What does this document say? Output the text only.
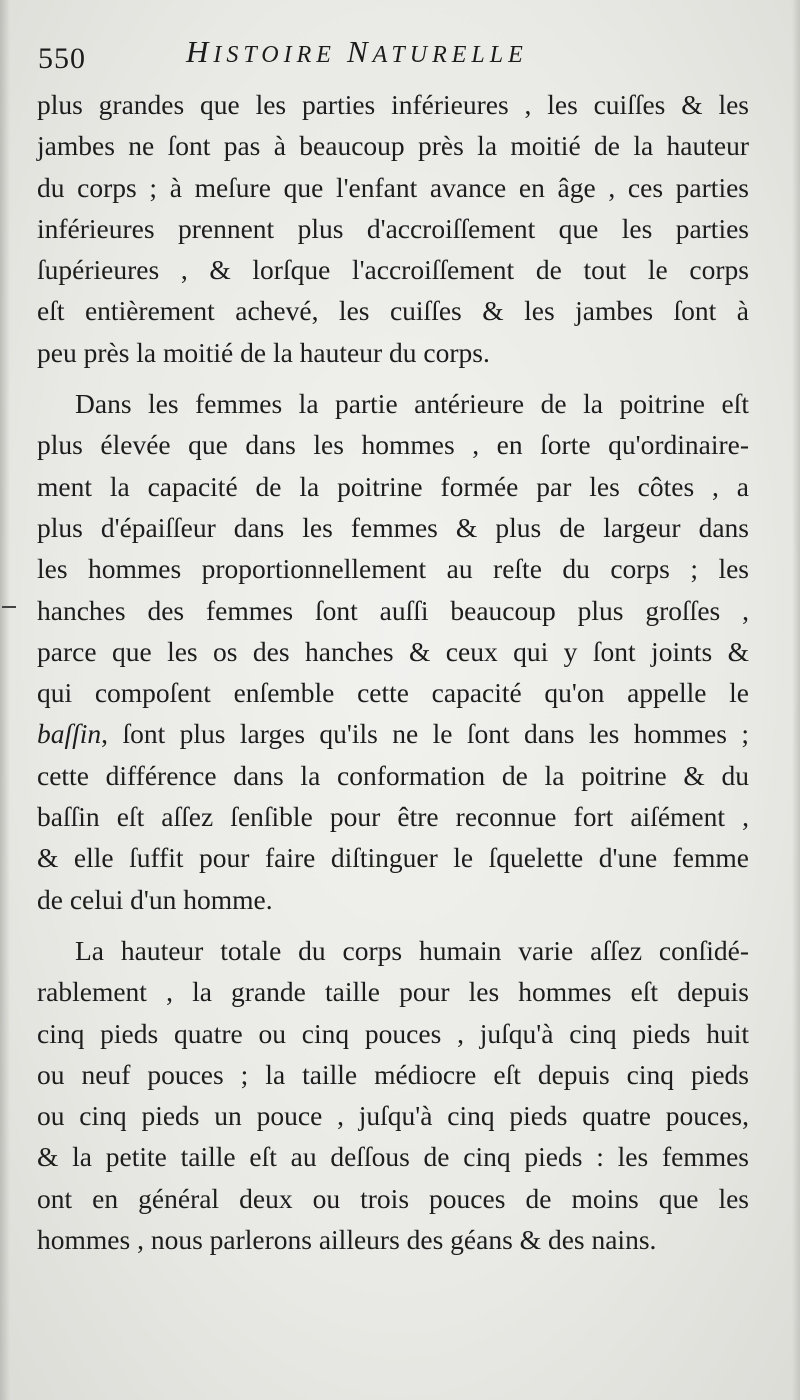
550	HISTOIRE NATURELLE
plus grandes que les parties inférieures , les cuiſſes & les
jambes ne ſont pas à beaucoup près la moitié de la hauteur
du corps ; à meſure que l'enfant avance en âge , ces parties
inférieures prennent plus d'accroiſſement que les parties
ſupérieures , & lorſque l'accroiſſement de tout le corps
eſt entièrement achevé, les cuiſſes & les jambes ſont à
peu près la moitié de la hauteur du corps.
Dans les femmes la partie antérieure de la poitrine eſt
plus élevée que dans les hommes , en ſorte qu'ordinaire-
ment la capacité de la poitrine formée par les côtes , a
plus d'épaiſſeur dans les femmes & plus de largeur dans
les hommes proportionnellement au reſte du corps ; les
hanches des femmes ſont auſſi beaucoup plus groſſes ,
parce que les os des hanches & ceux qui y ſont joints &
qui compoſent enſemble cette capacité qu'on appelle le
baſſin, ſont plus larges qu'ils ne le ſont dans les hommes ;
cette différence dans la conformation de la poitrine & du
baſſin eſt aſſez ſenſible pour être reconnue fort aiſément ,
& elle ſuffit pour faire diſtinguer le ſquelette d'une femme
de celui d'un homme.
La hauteur totale du corps humain varie aſſez conſidé-
rablement , la grande taille pour les hommes eſt depuis
cinq pieds quatre ou cinq pouces , juſqu'à cinq pieds huit
ou neuf pouces ; la taille médiocre eſt depuis cinq pieds
ou cinq pieds un pouce , juſqu'à cinq pieds quatre pouces,
& la petite taille eſt au deſſous de cinq pieds : les femmes
ont en général deux ou trois pouces de moins que les
hommes , nous parlerons ailleurs des géans & des nains.
